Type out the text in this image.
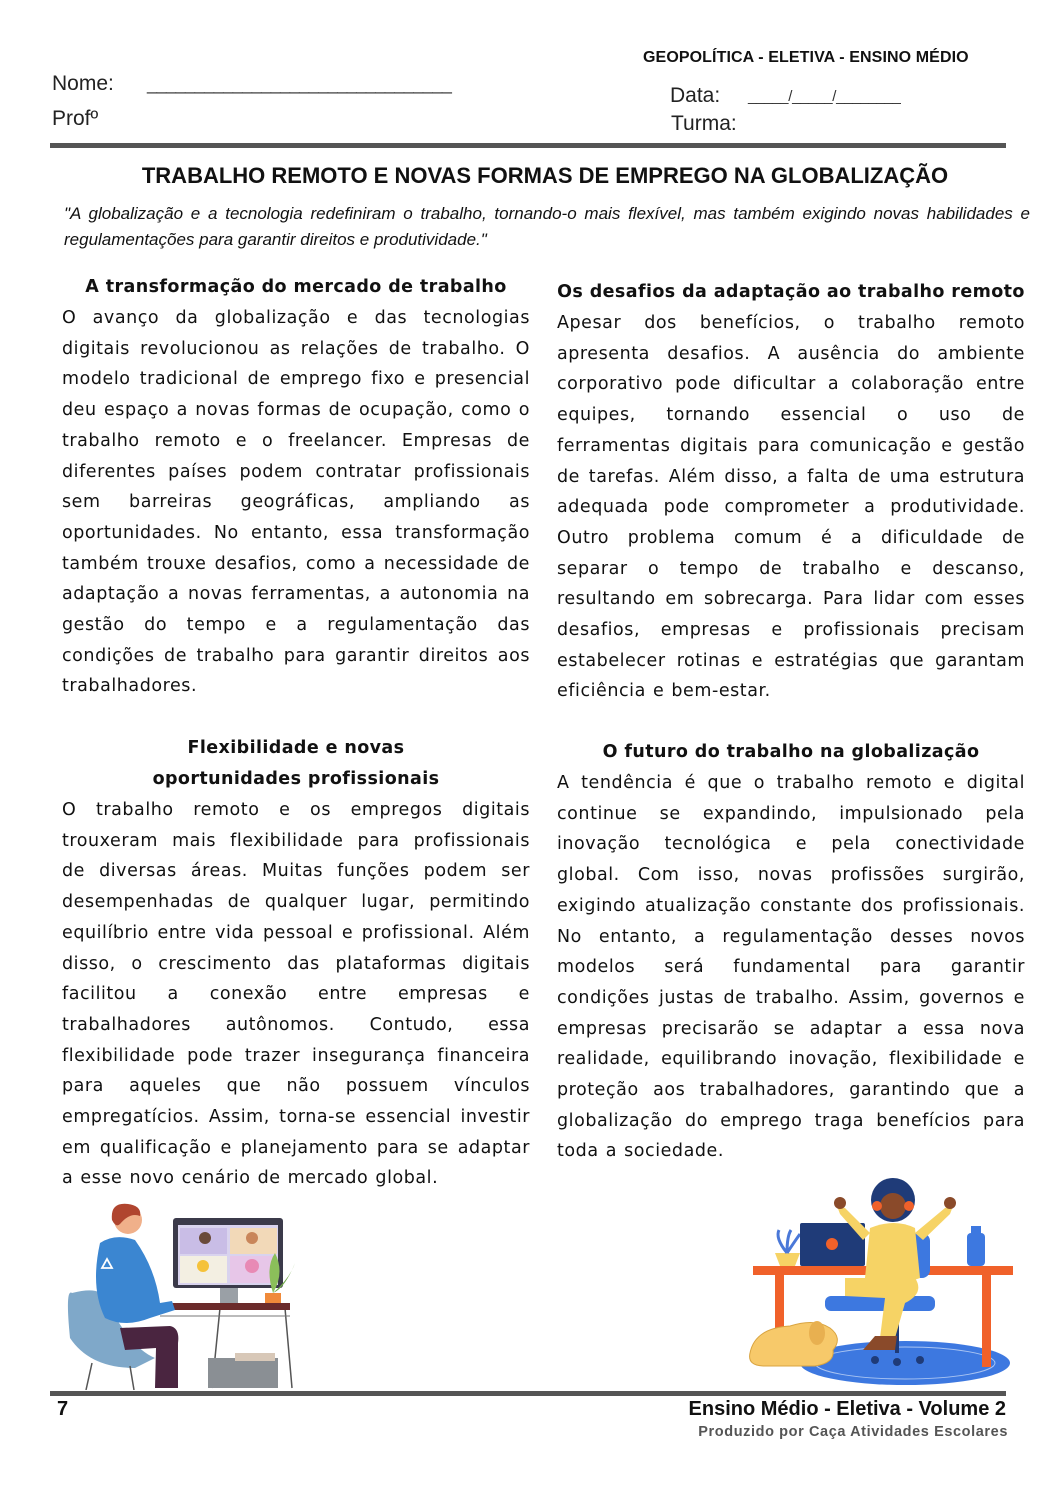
GEOPOLÍTICA - ELETIVA - ENSINO MÉDIO
Nome: ________________________________
Profº
Data: _____/_____/________
Turma:
TRABALHO REMOTO E NOVAS FORMAS DE EMPREGO NA GLOBALIZAÇÃO
"A globalização e a tecnologia redefiniram o trabalho, tornando-o mais flexível, mas também exigindo novas habilidades e regulamentações para garantir direitos e produtividade."
A transformação do mercado de trabalho
O avanço da globalização e das tecnologias digitais revolucionou as relações de trabalho. O modelo tradicional de emprego fixo e presencial deu espaço a novas formas de ocupação, como o trabalho remoto e o freelancer. Empresas de diferentes países podem contratar profissionais sem barreiras geográficas, ampliando as oportunidades. No entanto, essa transformação também trouxe desafios, como a necessidade de adaptação a novas ferramentas, a autonomia na gestão do tempo e a regulamentação das condições de trabalho para garantir direitos aos trabalhadores.
Os desafios da adaptação ao trabalho remoto
Apesar dos benefícios, o trabalho remoto apresenta desafios. A ausência do ambiente corporativo pode dificultar a colaboração entre equipes, tornando essencial o uso de ferramentas digitais para comunicação e gestão de tarefas. Além disso, a falta de uma estrutura adequada pode comprometer a produtividade. Outro problema comum é a dificuldade de separar o tempo de trabalho e descanso, resultando em sobrecarga. Para lidar com esses desafios, empresas e profissionais precisam estabelecer rotinas e estratégias que garantam eficiência e bem-estar.
Flexibilidade e novas oportunidades profissionais
O trabalho remoto e os empregos digitais trouxeram mais flexibilidade para profissionais de diversas áreas. Muitas funções podem ser desempenhadas de qualquer lugar, permitindo equilíbrio entre vida pessoal e profissional. Além disso, o crescimento das plataformas digitais facilitou a conexão entre empresas e trabalhadores autônomos. Contudo, essa flexibilidade pode trazer insegurança financeira para aqueles que não possuem vínculos empregatícios. Assim, torna-se essencial investir em qualificação e planejamento para se adaptar a esse novo cenário de mercado global.
O futuro do trabalho na globalização
A tendência é que o trabalho remoto e digital continue se expandindo, impulsionado pela inovação tecnológica e pela conectividade global. Com isso, novas profissões surgirão, exigindo atualização constante dos profissionais. No entanto, a regulamentação desses novos modelos será fundamental para garantir condições justas de trabalho. Assim, governos e empresas precisarão se adaptar a essa nova realidade, equilibrando inovação, flexibilidade e proteção aos trabalhadores, garantindo que a globalização do emprego traga benefícios para toda a sociedade.
7	Ensino Médio - Eletiva - Volume 2
Produzido por Caça Atividades Escolares
